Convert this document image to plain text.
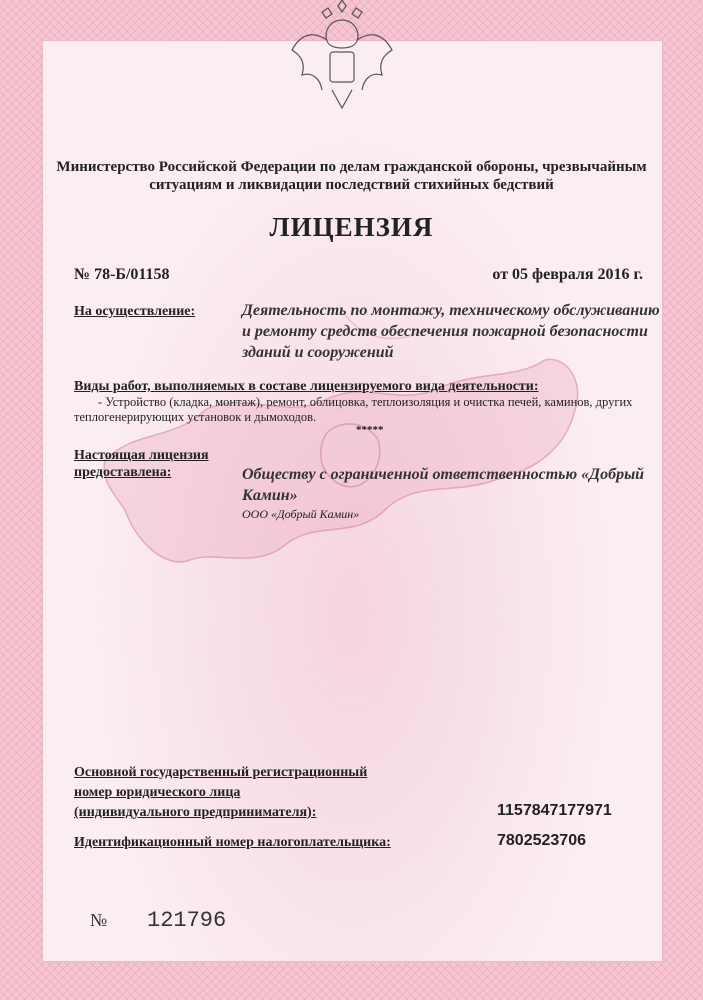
Министерство Российской Федерации по делам гражданской обороны, чрезвычайным ситуациям и ликвидации последствий стихийных бедствий
ЛИЦЕНЗИЯ
№ 78-Б/01158	от 05 февраля 2016 г.
На осуществление:	Деятельность по монтажу, техническому обслуживанию и ремонту средств обеспечения пожарной безопасности зданий и сооружений
Виды работ, выполняемых в составе лицензируемого вида деятельности:
- Устройство (кладка, монтаж), ремонт, облицовка, теплоизоляция и очистка печей, каминов, других теплогенерирующих установок и дымоходов.
*****
Настоящая лицензия
предоставлена:	Обществу с ограниченной ответственностью «Добрый Камин»
ООО «Добрый Камин»
Основной государственный регистрационный
номер юридического лица
(индивидуального предпринимателя):	1157847177971
Идентификационный номер налогоплательщика:	7802523706
№ 121796
